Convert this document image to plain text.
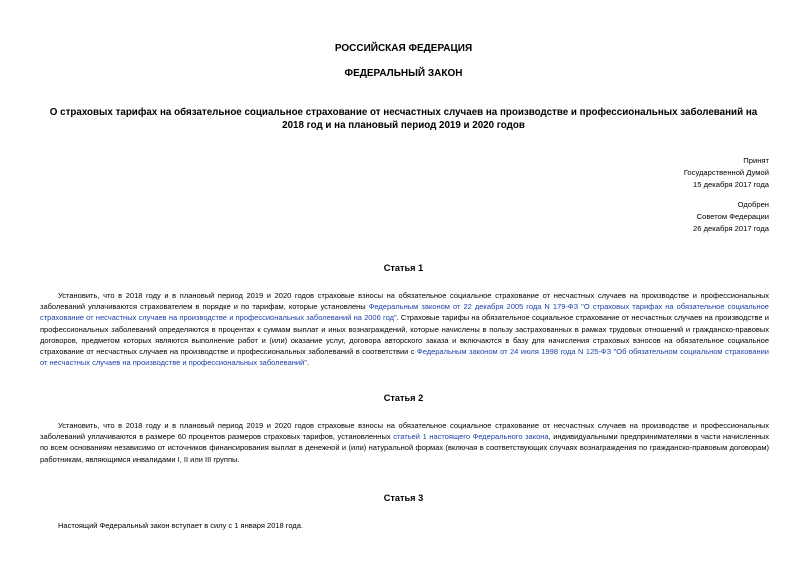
РОССИЙСКАЯ ФЕДЕРАЦИЯ
ФЕДЕРАЛЬНЫЙ ЗАКОН
О страховых тарифах на обязательное социальное страхование от несчастных случаев на производстве и профессиональных заболеваний на 2018 год и на плановый период 2019 и 2020 годов
Принят
Государственной Думой
15 декабря 2017 года
Одобрен
Советом Федерации
26 декабря 2017 года
Статья 1
Установить, что в 2018 году и в плановый период 2019 и 2020 годов страховые взносы на обязательное социальное страхование от несчастных случаев на производстве и профессиональных заболеваний уплачиваются страхователем в порядке и по тарифам, которые установлены Федеральным законом от 22 декабря 2005 года N 179-ФЗ "О страховых тарифах на обязательное социальное страхование от несчастных случаев на производстве и профессиональных заболеваний на 2006 год". Страховые тарифы на обязательное социальное страхование от несчастных случаев на производстве и профессиональных заболеваний определяются в процентах к суммам выплат и иных вознаграждений, которые начислены в пользу застрахованных в рамках трудовых отношений и гражданско-правовых договоров, предметом которых являются выполнение работ и (или) оказание услуг, договора авторского заказа и включаются в базу для начисления страховых взносов на обязательное социальное страхование от несчастных случаев на производстве и профессиональных заболеваний в соответствии с Федеральным законом от 24 июля 1998 года N 125-ФЗ "Об обязательном социальном страховании от несчастных случаев на производстве и профессиональных заболеваний".
Статья 2
Установить, что в 2018 году и в плановый период 2019 и 2020 годов страховые взносы на обязательное социальное страхование от несчастных случаев на производстве и профессиональных заболеваний уплачиваются в размере 60 процентов размеров страховых тарифов, установленных статьей 1 настоящего Федерального закона, индивидуальными предпринимателями в части начисленных по всем основаниям независимо от источников финансирования выплат в денежной и (или) натуральной формах (включая в соответствующих случаях вознаграждения по гражданско-правовым договорам) работникам, являющимся инвалидами I, II или III группы.
Статья 3
Настоящий Федеральный закон вступает в силу с 1 января 2018 года.
